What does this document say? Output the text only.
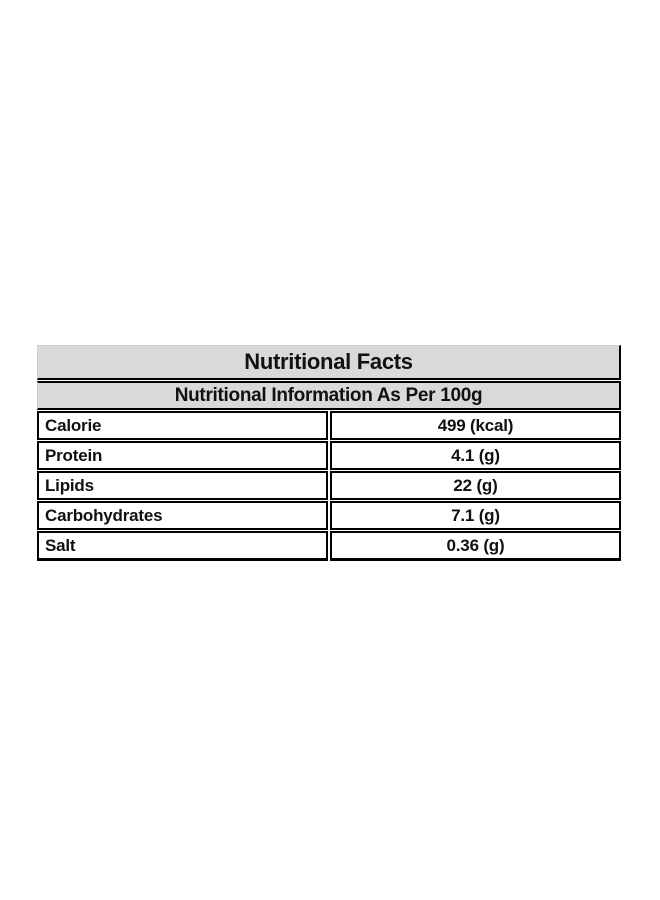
Nutritional Facts	
Nutritional Information As Per 100g	
Calorie	499 (kcal)
Protein	4.1 (g)
Lipids	22 (g)
Carbohydrates	7.1 (g)
Salt	0.36 (g)
